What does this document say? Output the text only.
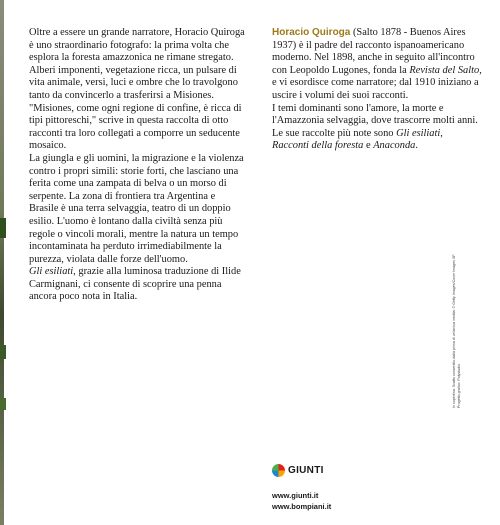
Oltre a essere un grande narratore, Horacio Quiroga è uno straordinario fotografo: la prima volta che esplora la foresta amazzonica ne rimane stregato. Alberi imponenti, vegetazione ricca, un pulsare di vita animale, versi, luci e ombre che lo travolgono tanto da convincerlo a trasferirsi a Misiones. "Misiones, come ogni regione di confine, è ricca di tipi pittoreschi," scrive in questa raccolta di otto racconti tra loro collegati a comporre un seducente mosaico.

La giungla e gli uomini, la migrazione e la violenza contro i propri simili: storie forti, che lasciano una ferita come una zampata di belva o un morso di serpente. La zona di frontiera tra Argentina e Brasile è una terra selvaggia, teatro di un doppio esilio. L'uomo è lontano dalla civiltà senza più regole o vincoli morali, mentre la natura un tempo incontaminata ha perduto irrimediabilmente la purezza, violata dalle forze dell'uomo.

Gli esiliati, grazie alla luminosa traduzione di Ilide Carmignani, ci consente di scoprire una penna ancora poco nota in Italia.

Horacio Quiroga (Salto 1878 - Buenos Aires 1937) è il padre del racconto ispanoamericano moderno. Nel 1898, anche in seguito all'incontro con Leopoldo Lugones, fonda la Revista del Salto, e vi esordisce come narratore; dal 1910 iniziano a uscire i volumi dei suoi racconti.
I temi dominanti sono l'amore, la morte e l'Amazzonia selvaggia, dove trascorre molti anni. Le sue raccolte più note sono Gli esiliati, Racconti della foresta e Anaconda.
In copertina: Scatto consentito dalla prima di un'amica inedita. © Getty Images/Cover Images SF. Progetto grafico: Polystudio
GIUNTI
www.giunti.it
www.bompiani.it
